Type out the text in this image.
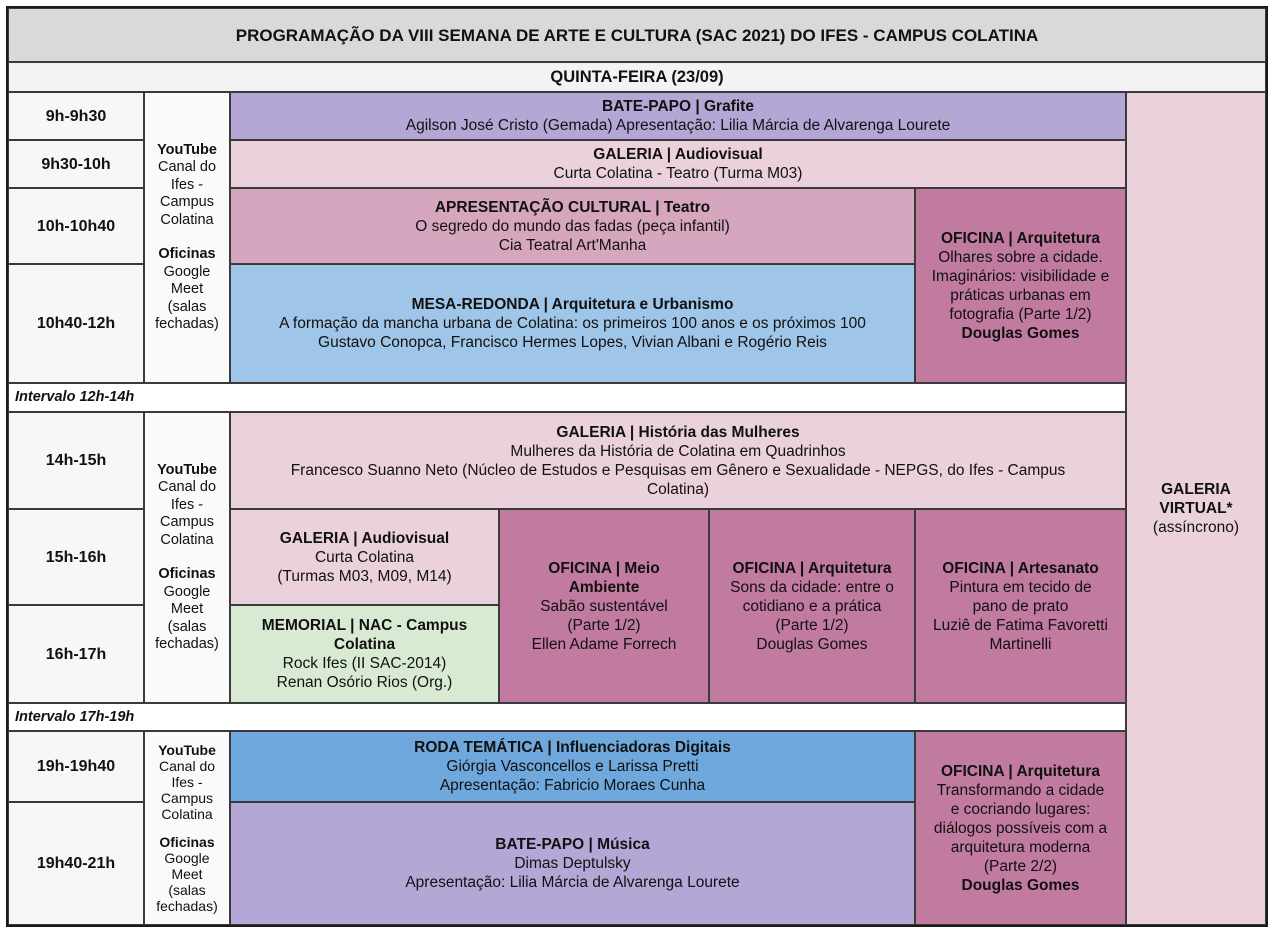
PROGRAMAÇÃO DA VIII SEMANA DE ARTE E CULTURA (SAC 2021) DO IFES - CAMPUS COLATINA
QUINTA-FEIRA (23/09)
9h-9h30
9h30-10h
10h-10h40
10h40-12h
YouTube
Canal do
Ifes -
Campus
Colatina
Oficinas
Google
Meet
(salas
fechadas)
BATE-PAPO | Grafite
Agilson José Cristo (Gemada) Apresentação: Lilia Márcia de Alvarenga Lourete
GALERIA | Audiovisual
Curta Colatina - Teatro (Turma M03)
APRESENTAÇÃO CULTURAL | Teatro
O segredo do mundo das fadas (peça infantil)
Cia Teatral Art'Manha	OFICINA | Arquitetura
Olhares sobre a cidade.
Imaginários: visibilidade e
práticas urbanas em
fotografia (Parte 1/2)
Douglas Gomes
MESA-REDONDA | Arquitetura e Urbanismo
A formação da mancha urbana de Colatina: os primeiros 100 anos e os próximos 100
Gustavo Conopca, Francisco Hermes Lopes, Vivian Albani e Rogério Reis
GALERIA VIRTUAL*
(assíncrono)
Intervalo 12h-14h
14h-15h
15h-16h
16h-17h
YouTube
Canal do
Ifes -
Campus
Colatina
Oficinas
Google
Meet
(salas
fechadas)
GALERIA | História das Mulheres
Mulheres da História de Colatina em Quadrinhos
Francesco Suanno Neto (Núcleo de Estudos e Pesquisas em Gênero e Sexualidade - NEPGS, do Ifes - Campus
Colatina)
GALERIA | Audiovisual
Curta Colatina
(Turmas M03, M09, M14)
MEMORIAL | NAC - Campus
Colatina
Rock Ifes (II SAC-2014)
Renan Osório Rios (Org.)
OFICINA | Meio
Ambiente
Sabão sustentável
(Parte 1/2)
Ellen Adame Forrech
OFICINA | Arquitetura
Sons da cidade: entre o
cotidiano e a prática
(Parte 1/2)
Douglas Gomes
OFICINA | Artesanato
Pintura em tecido de
pano de prato
Luziê de Fatima Favoretti
Martinelli
Intervalo 17h-19h
19h-19h40
19h40-21h
YouTube
Canal do
Ifes -
Campus
Colatina
Oficinas
Google
Meet
(salas
fechadas)
RODA TEMÁTICA | Influenciadoras Digitais
Giórgia Vasconcellos e Larissa Pretti
Apresentação: Fabricio Moraes Cunha
BATE-PAPO | Música
Dimas Deptulsky
Apresentação: Lilia Márcia de Alvarenga Lourete
OFICINA | Arquitetura
Transformando a cidade
e cocriando lugares:
diálogos possíveis com a
arquitetura moderna
(Parte 2/2)
Douglas Gomes
